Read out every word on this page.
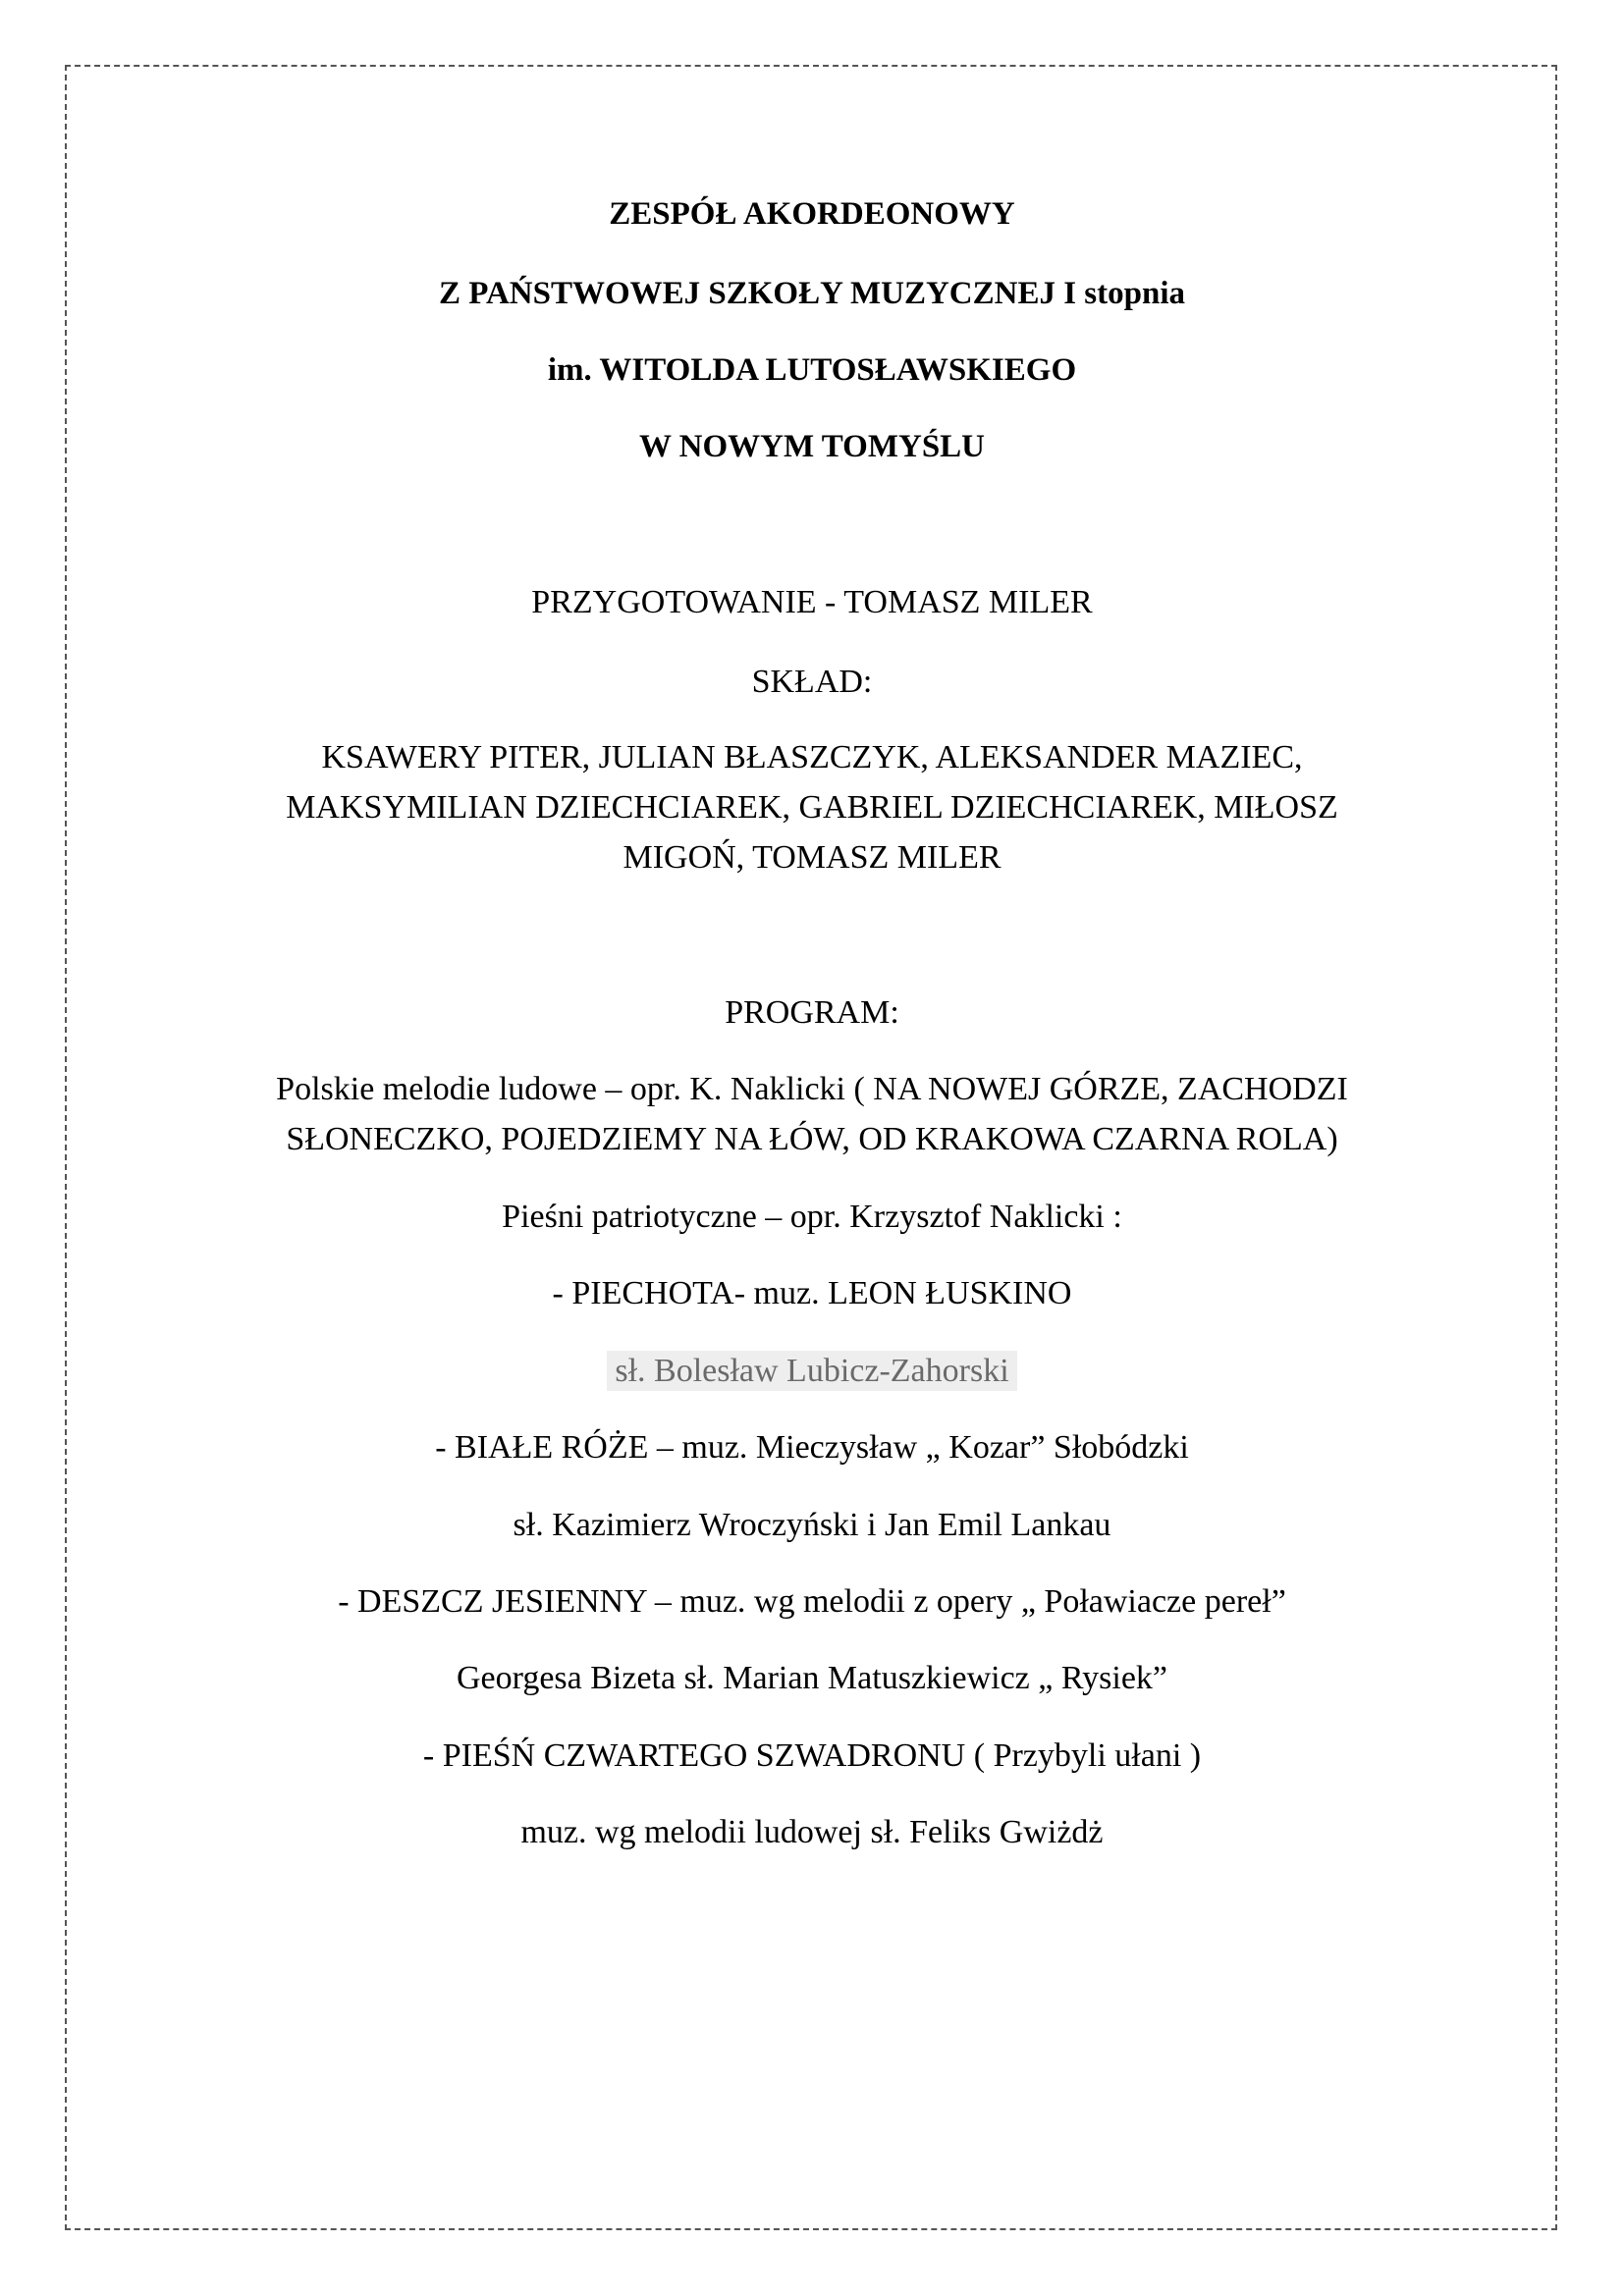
ZESPÓŁ AKORDEONOWY
Z PAŃSTWOWEJ SZKOŁY MUZYCZNEJ I stopnia
im. WITOLDA LUTOSŁAWSKIEGO
W NOWYM TOMYŚLU
PRZYGOTOWANIE - TOMASZ MILER
SKŁAD:
KSAWERY PITER, JULIAN BŁASZCZYK, ALEKSANDER MAZIEC,
MAKSYMILIAN DZIECHCIAREK, GABRIEL DZIECHCIAREK, MIŁOSZ
MIGOŃ, TOMASZ MILER
PROGRAM:
Polskie melodie ludowe – opr. K. Naklicki ( NA NOWEJ GÓRZE, ZACHODZI
SŁONECZKO, POJEDZIEMY NA ŁÓW, OD KRAKOWA CZARNA ROLA)
Pieśni patriotyczne – opr. Krzysztof Naklicki :
- PIECHOTA- muz. LEON ŁUSKINO
sł. Bolesław Lubicz-Zahorski
- BIAŁE RÓŻE – muz. Mieczysław „ Kozar” Słobódzki
sł. Kazimierz Wroczyński i Jan Emil Lankau
- DESZCZ JESIENNY – muz. wg melodii z opery „ Poławiacze pereł”
Georgesa Bizeta sł. Marian Matuszkiewicz „ Rysiek”
- PIEŚŃ CZWARTEGO SZWADRONU ( Przybyli ułani )
muz. wg melodii ludowej sł. Feliks Gwiżdż
